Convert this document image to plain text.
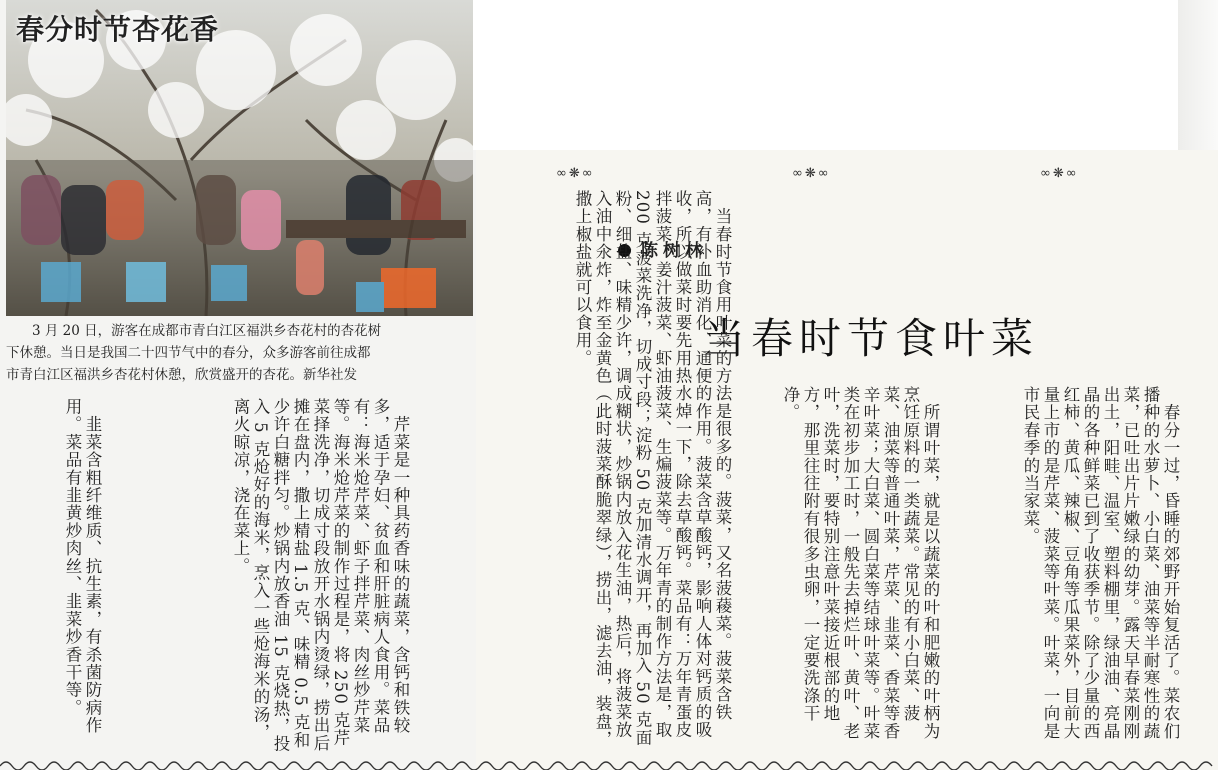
春分时节杏花香

3 月 20 日，游客在成都市青白江区福洪乡杏花村的杏花树

下休憩。当日是我国二十四节气中的春分，众多游客前往成都

市青白江区福洪乡杏花村休憩，欣赏盛开的杏花。新华社发

∞❋∞	∞❋∞	∞❋∞
陈树林
当春时节食叶菜
　春分一过，昏睡的郊野开始复活了。菜农们播种的水萝卜、小白菜、油菜等半耐寒性的蔬菜，已吐出片片嫩绿的幼芽。露天早春菜刚刚出土，阳畦、温室、塑料棚里，绿油油、亮晶晶的各种鲜菜已到了收获季节。除了少量的西红柿、黄瓜、辣椒、豆角等瓜果菜外，目前大量上市的是芹菜、菠菜等叶菜。叶菜，一向是市民春季的当家菜。
　所谓叶菜，就是以蔬菜的叶和肥嫩的叶柄为烹饪原料的一类蔬菜。常见的有小白菜、菠菜、油菜等普通叶菜，芹菜、韭菜、香菜等香辛叶菜；大白菜、圆白菜等结球叶菜等。叶菜类在初步加工时，一般先去掉烂叶、黄叶、老叶，洗菜时，要特别注意叶菜接近根部的地方，那里往往附有很多虫卵，一定要洗涤干净。
　当春时节食用叶菜的方法是很多的。菠菜，又名菠薐菜。菠菜含铁高，有补血助消化、通便的作用。菠菜含草酸钙，影响人体对钙质的吸收，所以做菜时要先用热水焯一下，除去草酸钙。菜品有：万年青蛋皮拌菠菜、姜汁菠菜、虾油菠菜、生煸菠菜等。万年青的制作方法是，取 200 克菠菜洗净，切成寸段；淀粉 50 克加清水调开，再加入 50 克面粉、细盐、味精少许，调成糊状，炒锅内放入花生油，热后，将菠菜放入油中氽炸，炸至金黄色（此时菠菜酥脆翠绿），捞出，滤去油，装盘，撒上椒盐就可以食用。
　芹菜是一种具药香味的蔬菜，含钙和铁较多，适于孕妇、贫血和肝脏病人食用。菜品有：海米炝芹菜、虾子拌芹菜、肉丝炒芹菜等。海米炝芹菜的制作过程是，将 250 克芹菜择洗净，切成寸段放开水锅内烫绿，捞出后摊在盘内，撒上精盐 1.5 克、味精 0.5 克和少许白糖拌匀。炒锅内放香油 15 克烧热，投入 5 克炝好的海米，烹入一些炝海米的汤，离火晾凉，浇在菜上。
　韭菜含粗纤维质、抗生素，有杀菌防病作用。菜品有韭黄炒肉丝、韭菜炒香干等。
